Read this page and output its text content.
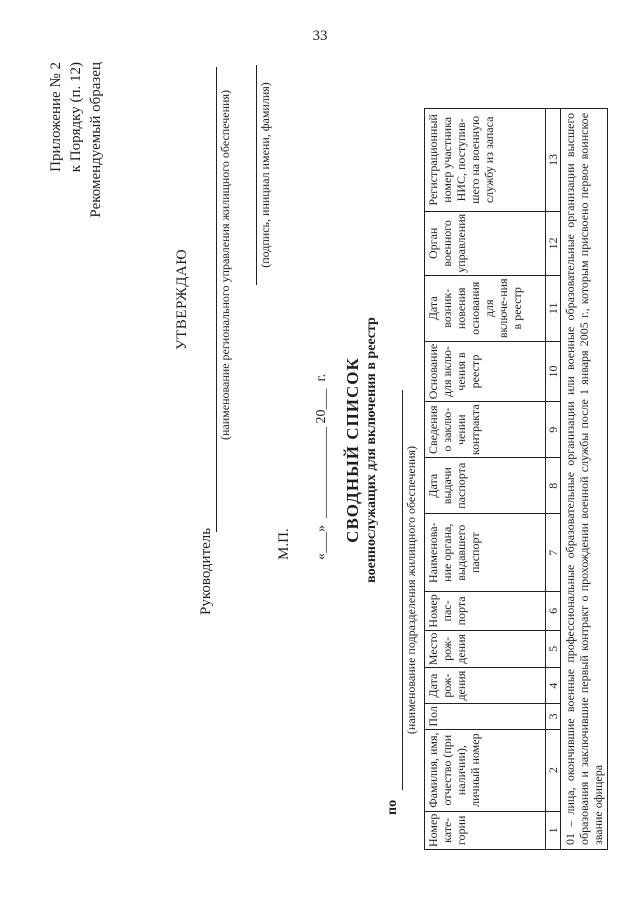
33
Приложение № 2 к Порядку (п. 12) Рекомендуемый образец
УТВЕРЖДАЮ
Руководитель
(наименование регионального управления жилищного обеспечения) (подпись, инициал имени, фамилия)
М.П. «___»  _____________ 20___  г. СВОДНЫЙ СПИСОК военнослужащих для включения в реестр
по
(наименование подразделения жилищного обеспечения)
Номер кате-гории	Фамилия, имя, отчество (при наличии), личный номер	Пол	Дата рож-дения	Место рож-дения	Номер пас-порта	Наименова-ние органа, выдавшего паспорт	Дата выдачи паспорта	Сведения о заклю-чении контракта	Основание для вклю-чения в реестр	Дата возник-новения основания для включе-ния в реестр	Орган военного управления	Регистрационный номер участника НИС, поступив-шего на военную службу из запаса
1	2	3	4	5	6	7	8	9	10	11	12	13
01 – лица, окончившие военные профессиональные образовательные организации или военные образовательные организации высшего образования и заключившие первый контракт о прохождении военной службы после 1 января 2005 г., которым присвоено первое воинское звание офицера												
